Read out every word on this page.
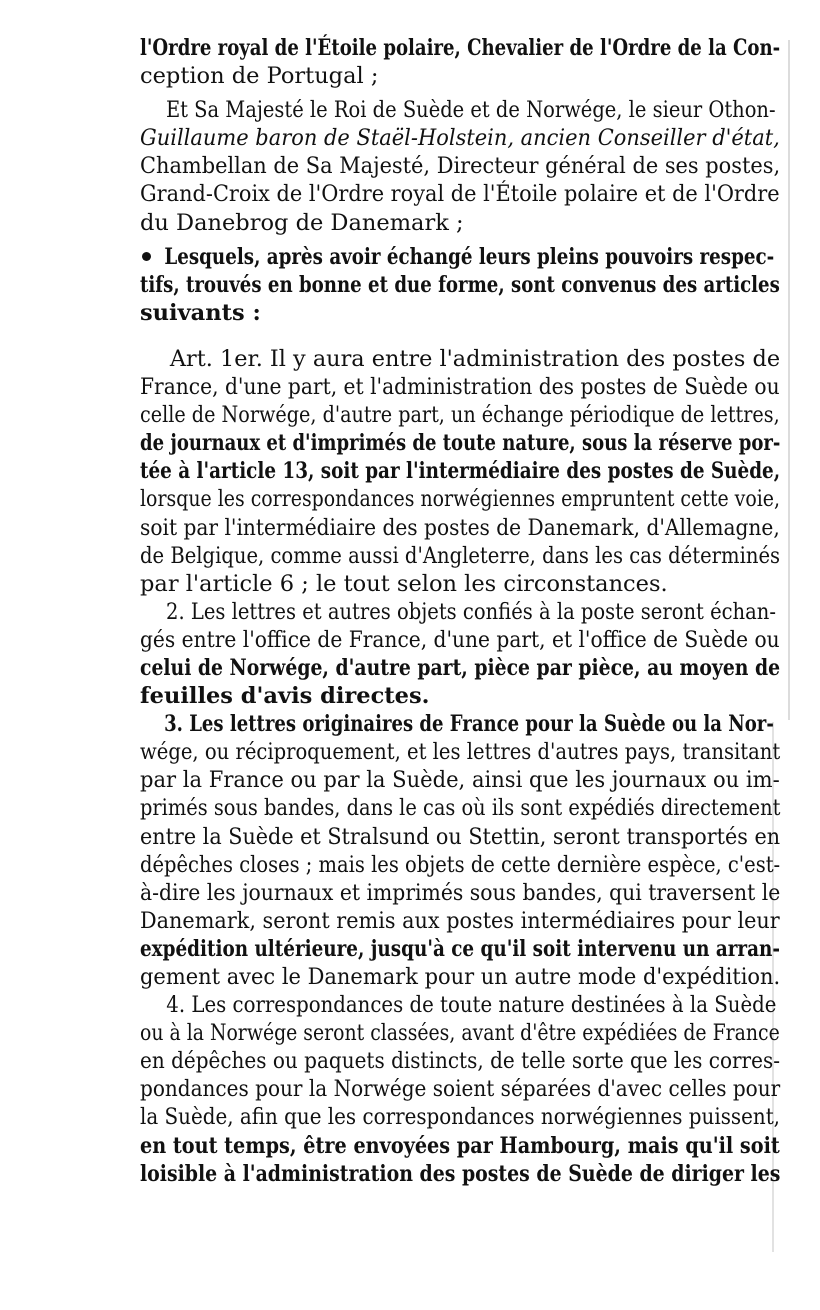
l'Ordre royal de l'Étoile polaire, Chevalier de l'Ordre de la Con-
ception de Portugal ;
Et Sa Majesté le Roi de Suède et de Norwége, le sieur Othon-
Guillaume baron de Staël-Holstein, ancien Conseiller d'état,
Chambellan de Sa Majesté, Directeur général de ses postes,
Grand-Croix de l'Ordre royal de l'Étoile polaire et de l'Ordre
du Danebrog de Danemark ;
Lesquels, après avoir échangé leurs pleins pouvoirs respec-
tifs, trouvés en bonne et due forme, sont convenus des articles
suivants :
Art. 1er. Il y aura entre l'administration des postes de
France, d'une part, et l'administration des postes de Suède ou
celle de Norwége, d'autre part, un échange périodique de lettres,
de journaux et d'imprimés de toute nature, sous la réserve por-
tée à l'article 13, soit par l'intermédiaire des postes de Suède,
lorsque les correspondances norwégiennes empruntent cette voie,
soit par l'intermédiaire des postes de Danemark, d'Allemagne,
de Belgique, comme aussi d'Angleterre, dans les cas déterminés
par l'article 6 ; le tout selon les circonstances.
2. Les lettres et autres objets confiés à la poste seront échan-
gés entre l'office de France, d'une part, et l'office de Suède ou
celui de Norwége, d'autre part, pièce par pièce, au moyen de
feuilles d'avis directes.
3. Les lettres originaires de France pour la Suède ou la Nor-
wége, ou réciproquement, et les lettres d'autres pays, transitant
par la France ou par la Suède, ainsi que les journaux ou im-
primés sous bandes, dans le cas où ils sont expédiés directement
entre la Suède et Stralsund ou Stettin, seront transportés en
dépêches closes ; mais les objets de cette dernière espèce, c'est-
à-dire les journaux et imprimés sous bandes, qui traversent le
Danemark, seront remis aux postes intermédiaires pour leur
expédition ultérieure, jusqu'à ce qu'il soit intervenu un arran-
gement avec le Danemark pour un autre mode d'expédition.
4. Les correspondances de toute nature destinées à la Suède
ou à la Norwége seront classées, avant d'être expédiées de France
en dépêches ou paquets distincts, de telle sorte que les corres-
pondances pour la Norwége soient séparées d'avec celles pour
la Suède, afin que les correspondances norwégiennes puissent,
en tout temps, être envoyées par Hambourg, mais qu'il soit
loisible à l'administration des postes de Suède de diriger les
